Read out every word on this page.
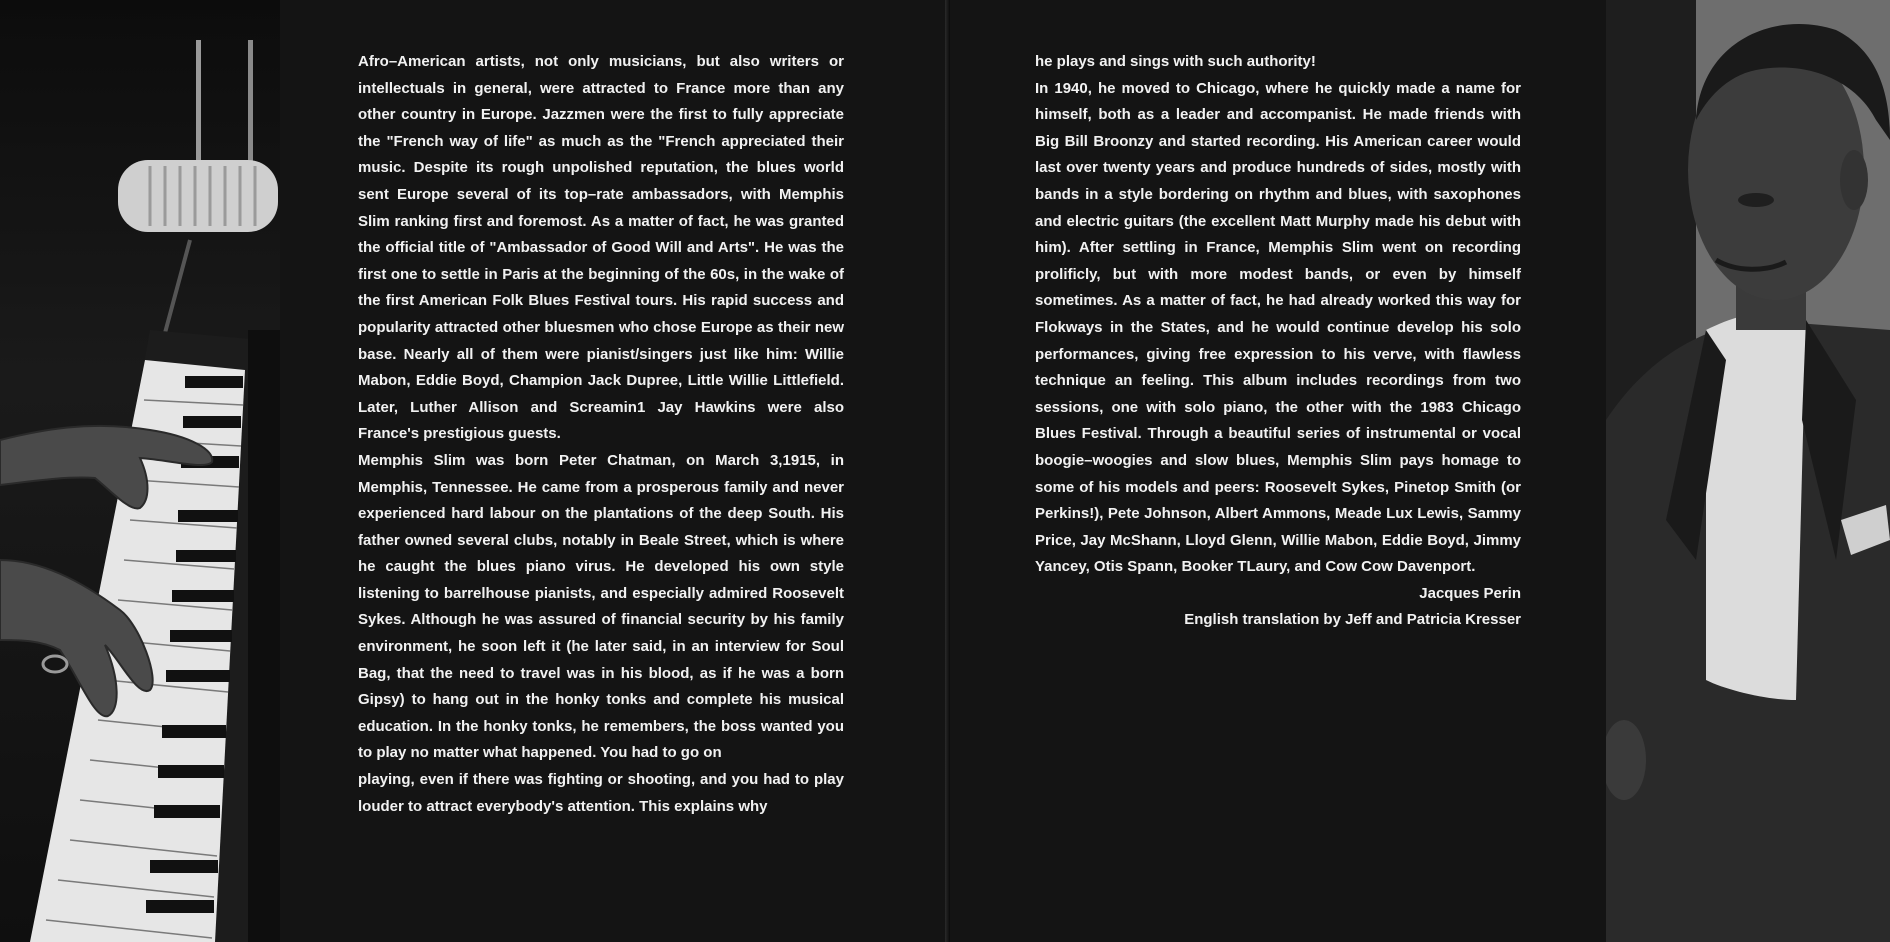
Afro–American artists, not only musicians, but also writers or intellectuals in general, were attracted to France more than any other country in Europe. Jazzmen were the first to fully appreciate the "French way of life" as much as the "French appreciated their music. Despite its rough unpolished reputation, the blues world sent Europe several of its top–rate ambassadors, with Memphis Slim ranking first and foremost. As a matter of fact, he was granted the official title of "Ambassador of Good Will and Arts". He was the first one to settle in Paris at the beginning of the 60s, in the wake of the first American Folk Blues Festival tours. His rapid success and popularity attracted other bluesmen who chose Europe as their new base. Nearly all of them were pianist/singers just like him: Willie Mabon, Eddie Boyd, Champion Jack Dupree, Little Willie Littlefield. Later, Luther Allison and Screamin1 Jay Hawkins were also France's prestigious guests.

Memphis Slim was born Peter Chatman, on March 3,1915, in Memphis, Tennessee. He came from a prosperous family and never experienced hard labour on the plantations of the deep South. His father owned several clubs, notably in Beale Street, which is where he caught the blues piano virus. He developed his own style listening to barrelhouse pianists, and especially admired Roosevelt Sykes. Although he was assured of financial security by his family environment, he soon left it (he later said, in an interview for Soul Bag, that the need to travel was in his blood, as if he was a born Gipsy) to hang out in the honky tonks and complete his musical education. In the honky tonks, he remembers, the boss wanted you to play no matter what happened. You had to go on

playing, even if there was fighting or shooting, and you had to play louder to attract everybody's attention. This explains why

he plays and sings with such authority!

In 1940, he moved to Chicago, where he quickly made a name for himself, both as a leader and accompanist. He made friends with Big Bill Broonzy and started recording. His American career would last over twenty years and produce hundreds of sides, mostly with bands in a style bordering on rhythm and blues, with saxophones and electric guitars (the excellent Matt Murphy made his debut with him). After settling in France, Memphis Slim went on recording prolificly, but with more modest bands, or even by himself sometimes. As a matter of fact, he had already worked this way for Flokways in the States, and he would continue develop his solo performances, giving free expression to his verve, with flawless technique an feeling. This album includes recordings from two sessions, one with solo piano, the other with the 1983 Chicago Blues Festival. Through a beautiful series of instrumental or vocal boogie–woogies and slow blues, Memphis Slim pays homage to some of his models and peers: Roosevelt Sykes, Pinetop Smith (or Perkins!), Pete Johnson, Albert Ammons, Meade Lux Lewis, Sammy Price, Jay McShann, Lloyd Glenn, Willie Mabon, Eddie Boyd, Jimmy Yancey, Otis Spann, Booker TLaury, and Cow Cow Davenport.

Jacques Perin

English translation by Jeff and Patricia Kresser
